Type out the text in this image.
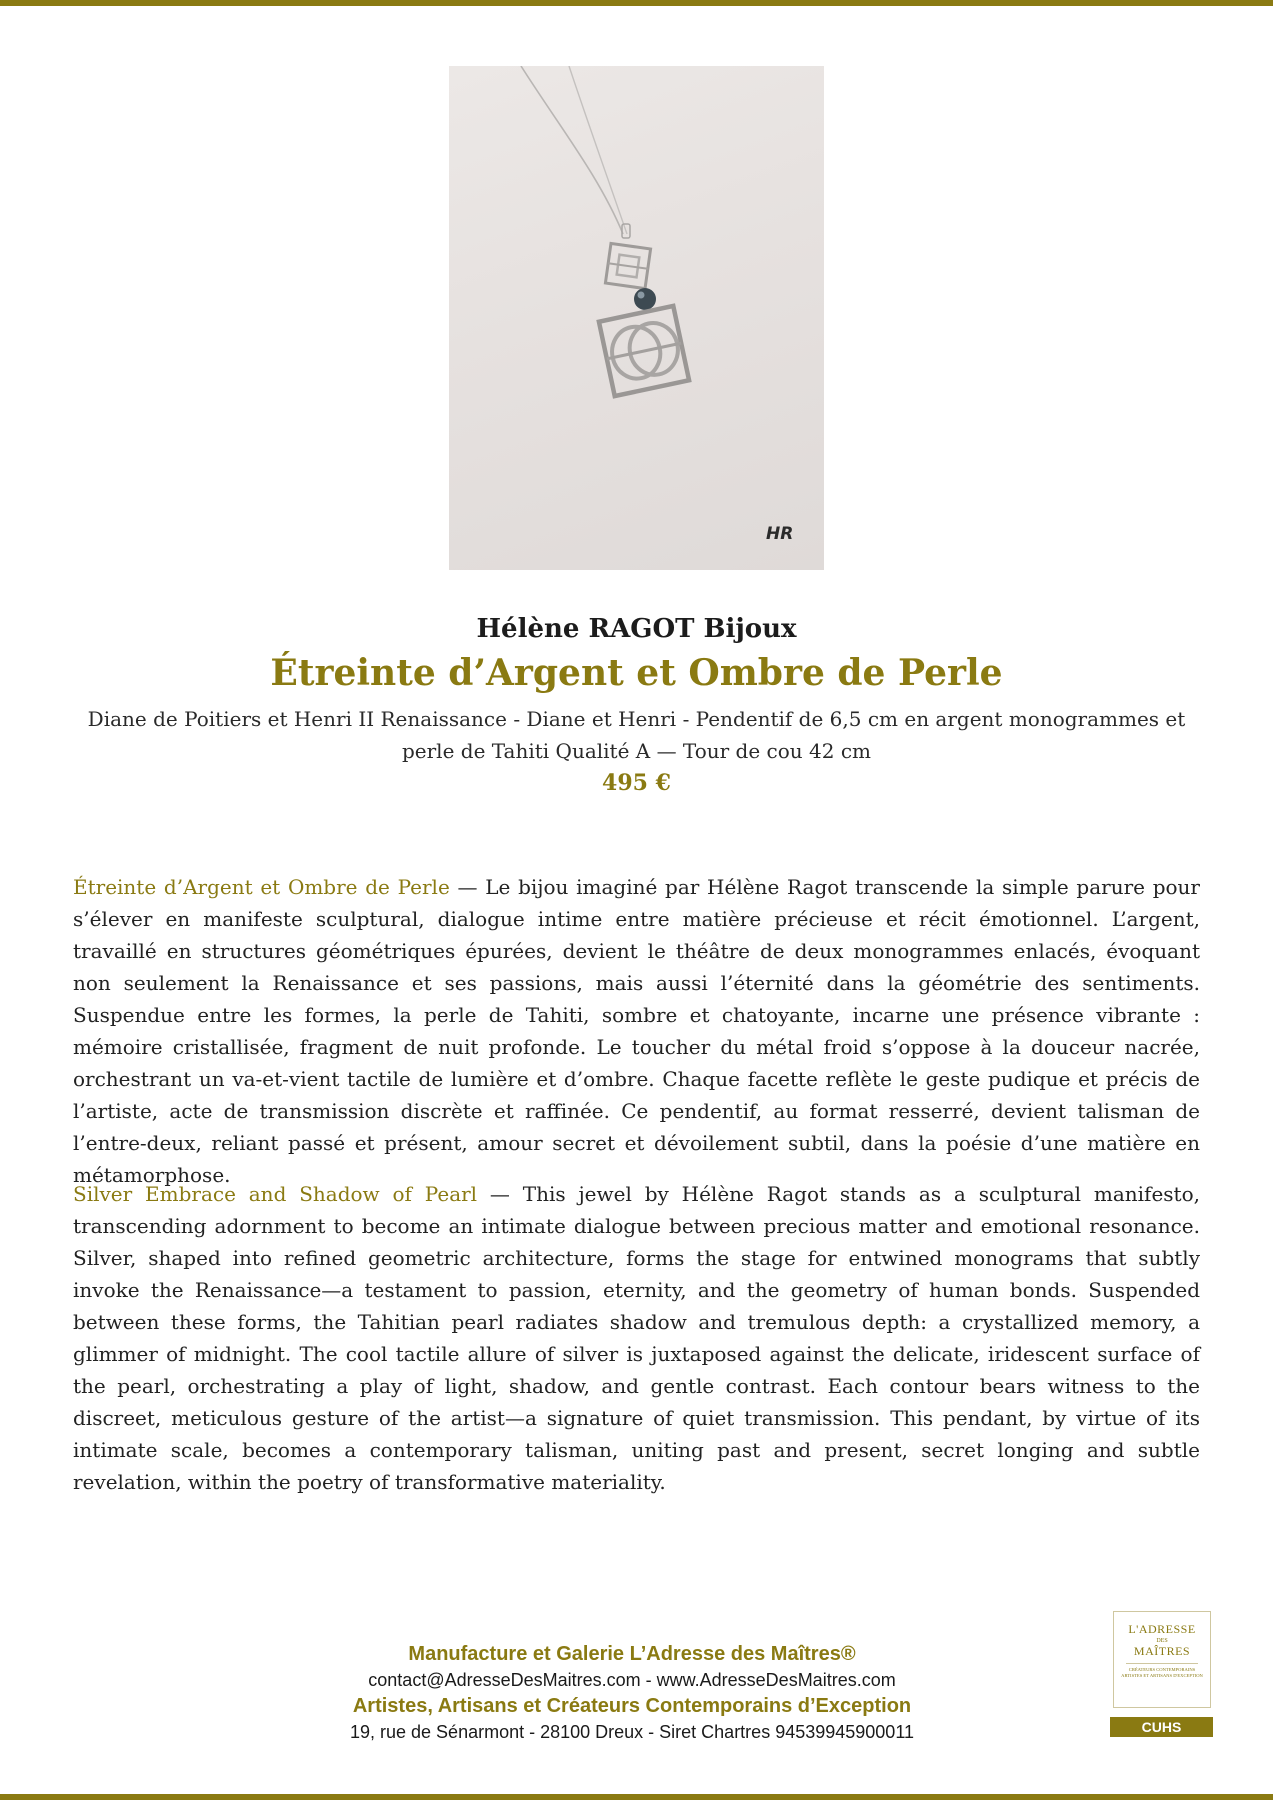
HR
Hélène RAGOT Bijoux
Étreinte d’Argent et Ombre de Perle
Diane de Poitiers et Henri II Renaissance - Diane et Henri - Pendentif de 6,5 cm en argent monogrammes et perle de Tahiti Qualité A — Tour de cou 42 cm
495 €
Étreinte d’Argent et Ombre de Perle — Le bijou imaginé par Hélène Ragot transcende la simple parure pour s’élever en manifeste sculptural, dialogue intime entre matière précieuse et récit émotionnel. L’argent, travaillé en structures géométriques épurées, devient le théâtre de deux monogrammes enlacés, évoquant non seulement la Renaissance et ses passions, mais aussi l’éternité dans la géométrie des sentiments. Suspendue entre les formes, la perle de Tahiti, sombre et chatoyante, incarne une présence vibrante : mémoire cristallisée, fragment de nuit profonde. Le toucher du métal froid s’oppose à la douceur nacrée, orchestrant un va-et-vient tactile de lumière et d’ombre. Chaque facette reflète le geste pudique et précis de l’artiste, acte de transmission discrète et raffinée. Ce pendentif, au format resserré, devient talisman de l’entre-deux, reliant passé et présent, amour secret et dévoilement subtil, dans la poésie d’une matière en métamorphose.
Silver Embrace and Shadow of Pearl — This jewel by Hélène Ragot stands as a sculptural manifesto, transcending adornment to become an intimate dialogue between precious matter and emotional resonance. Silver, shaped into refined geometric architecture, forms the stage for entwined monograms that subtly invoke the Renaissance—a testament to passion, eternity, and the geometry of human bonds. Suspended between these forms, the Tahitian pearl radiates shadow and tremulous depth: a crystallized memory, a glimmer of midnight. The cool tactile allure of silver is juxtaposed against the delicate, iridescent surface of the pearl, orchestrating a play of light, shadow, and gentle contrast. Each contour bears witness to the discreet, meticulous gesture of the artist—a signature of quiet transmission. This pendant, by virtue of its intimate scale, becomes a contemporary talisman, uniting past and present, secret longing and subtle revelation, within the poetry of transformative materiality.
Manufacture et Galerie L’Adresse des Maîtres®
contact@AdresseDesMaitres.com - www.AdresseDesMaitres.com
Artistes, Artisans et Créateurs Contemporains d’Exception
19, rue de Sénarmont - 28100 Dreux - Siret Chartres 94539945900011
L'ADRESSE
DES
MAÎTRES
CRÉATEURS CONTEMPORAINS ARTISTES ET ARTISANS D'EXCEPTION
CUHS
